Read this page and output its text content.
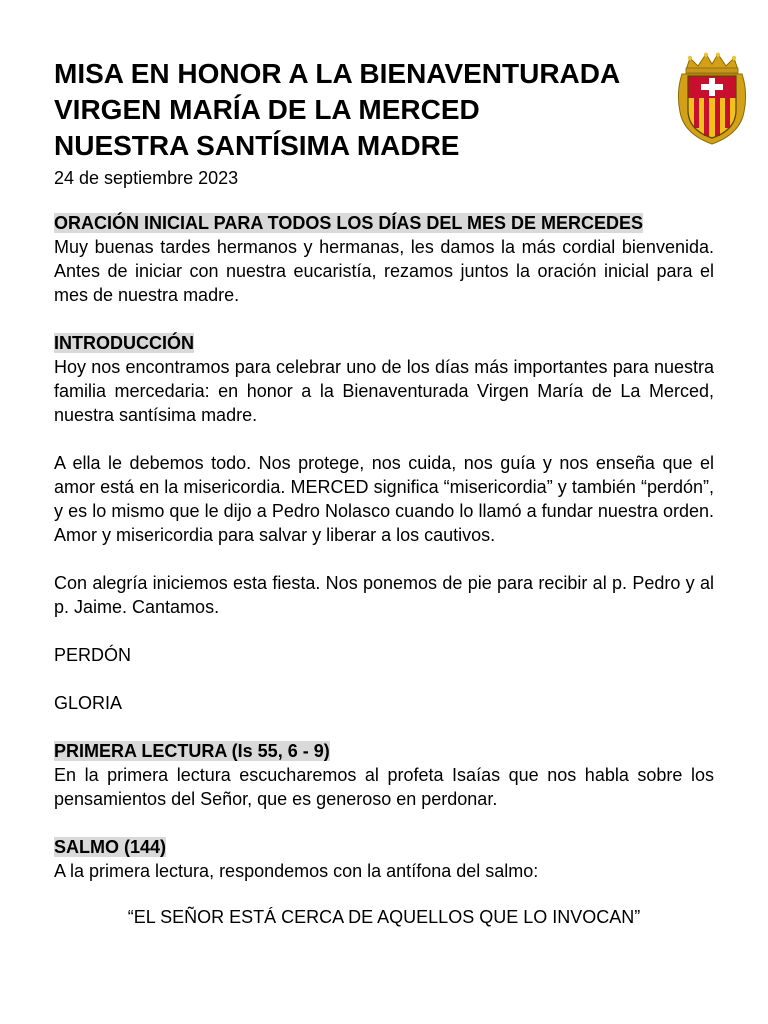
MISA EN HONOR A LA BIENAVENTURADA
VIRGEN MARÍA DE LA MERCED
NUESTRA SANTÍSIMA MADRE
24 de septiembre 2023
ORACIÓN INICIAL PARA TODOS LOS DÍAS DEL MES DE MERCEDES

Muy buenas tardes hermanos y hermanas, les damos la más cordial bienvenida. Antes de iniciar con nuestra eucaristía, rezamos juntos la oración inicial para el mes de nuestra madre.

INTRODUCCIÓN

Hoy nos encontramos para celebrar uno de los días más importantes para nuestra familia mercedaria: en honor a la Bienaventurada Virgen María de La Merced, nuestra santísima madre.

A ella le debemos todo. Nos protege, nos cuida, nos guía y nos enseña que el amor está en la misericordia. MERCED significa “misericordia” y también “perdón”, y es lo mismo que le dijo a Pedro Nolasco cuando lo llamó a fundar nuestra orden. Amor y misericordia para salvar y liberar a los cautivos.

Con alegría iniciemos esta fiesta. Nos ponemos de pie para recibir al p. Pedro y al p. Jaime. Cantamos.

PERDÓN

GLORIA

PRIMERA LECTURA (Is 55, 6 - 9)

En la primera lectura escucharemos al profeta Isaías que nos habla sobre los pensamientos del Señor, que es generoso en perdonar.

SALMO (144)

A la primera lectura, respondemos con la antífona del salmo:

“EL SEÑOR ESTÁ CERCA DE AQUELLOS QUE LO INVOCAN”
